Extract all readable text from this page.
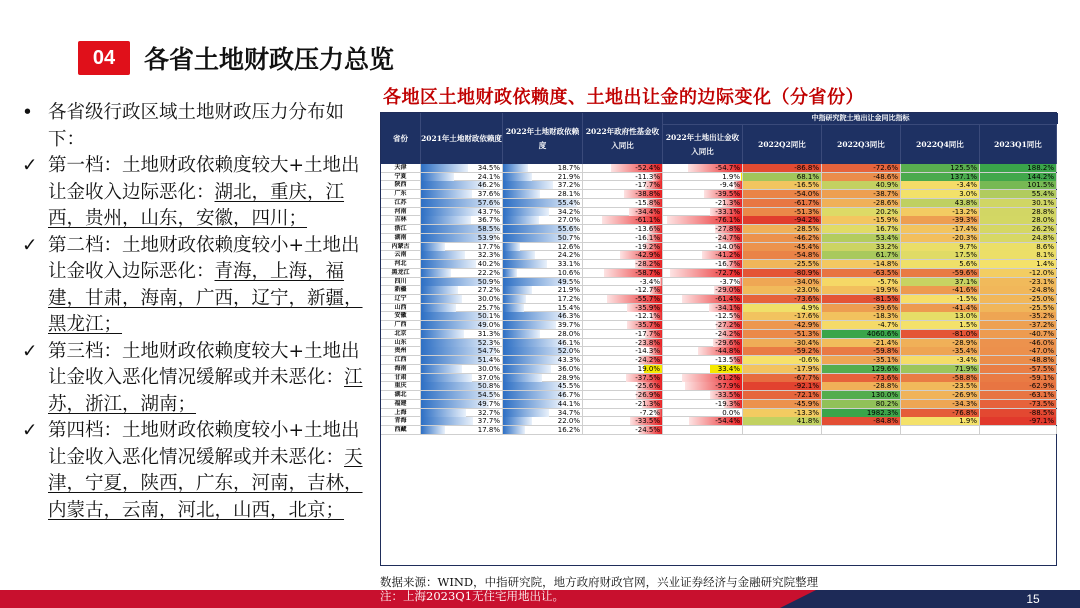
04	各省土地财政压力总览
• 各省级行政区域土地财政压力分布如下：
✓ 第一档：土地财政依赖度较大+土地出让金收入边际恶化：湖北，重庆，江西，贵州，山东，安徽，四川；
✓ 第二档：土地财政依赖度较小+土地出让金收入边际恶化：青海，上海，福建，甘肃，海南，广西，辽宁，新疆，黑龙江；
✓ 第三档：土地财政依赖度较大+土地出让金收入恶化情况缓解或并未恶化：江苏，浙江，湖南；
✓ 第四档：土地财政依赖度较小+土地出让金收入恶化情况缓解或并未恶化：天津，宁夏，陕西，广东，河南，吉林，内蒙古，云南，河北，山西，北京；
各地区土地财政依赖度、土地出让金的边际变化（分省份）
中指研究院土地出让金同比指标
省份	2021年土地财政依赖度
2022年土地财政依赖度
2022年政府性基金收入同比
2022年土地出让金收入同比
2022Q2同比	2022Q3同比	2022Q4同比	2023Q1同比
天津	34.5%	18.7%	-52.4%	-54.7%	-86.8%	-72.6%	125.5%	188.2%
宁夏	24.1%	21.9%	-11.3%	1.9%	68.1%	-48.6%	137.1%	144.2%
陕西	46.2%	37.2%	-17.7%	-9.4%	-16.5%	40.9%	-3.4%	101.5%
广东	37.6%	28.1%	-38.8%	-39.5%	-54.0%	-38.7%	3.0%	55.4%
江苏	57.6%	55.4%	-15.8%	-21.3%	-61.7%	-28.6%	43.8%	30.1%
河南	43.7%	34.2%	-34.4%	-33.1%	-51.3%	20.2%	-13.2%	28.8%
吉林	36.7%	27.0%	-61.1%	-76.1%	-94.2%	-15.9%	-39.3%	28.0%
浙江	58.5%	55.6%	-13.6%	-27.8%	-28.5%	16.7%	-17.4%	26.2%
湖南	53.9%	50.7%	-16.1%	-24.7%	-46.2%	53.4%	-20.3%	24.8%
内蒙古	17.7%	12.6%	-19.2%	-14.0%	-45.4%	33.2%	9.7%	8.6%
云南	32.3%	24.2%	-42.9%	-41.2%	-54.8%	61.7%	17.5%	8.1%
河北	40.2%	33.1%	-28.2%	-16.7%	-25.5%	-14.8%	5.6%	1.4%
黑龙江	22.2%	10.6%	-58.7%	-72.7%	-80.9%	-63.5%	-59.6%	-12.0%
四川	50.9%	49.5%	-3.4%	-3.7%	-34.0%	-5.7%	37.1%	-23.1%
新疆	27.2%	21.9%	-12.7%	-29.0%	-23.0%	-19.9%	-41.6%	-24.8%
辽宁	30.0%	17.2%	-55.7%	-61.4%	-73.6%	-81.5%	-1.5%	-25.0%
山西	25.7%	15.4%	-35.9%	-34.1%	4.9%	-39.6%	-41.4%	-25.5%
安徽	50.1%	46.3%	-12.1%	-12.5%	-17.6%	-18.3%	13.0%	-35.2%
广西	49.0%	39.7%	-35.7%	-27.2%	-42.9%	-4.7%	1.5%	-37.2%
北京	31.3%	28.0%	-17.7%	-24.2%	-51.3%	4060.6%	-81.0%	-40.7%
山东	52.3%	46.1%	-23.8%	-29.6%	-30.4%	-21.4%	-28.9%	-46.0%
贵州	54.7%	52.0%	-14.3%	-44.8%	-59.2%	-59.8%	-35.4%	-47.0%
江西	51.4%	43.3%	-24.2%	-13.5%	-0.6%	-35.1%	-3.4%	-48.8%
海南	30.0%	36.0%	19.0%	33.4%	-17.9%	129.6%	71.9%	-57.5%
甘肃	37.0%	28.9%	-37.5%	-61.2%	-67.7%	-73.6%	-58.8%	-59.1%
重庆	50.8%	45.5%	-25.6%	-57.9%	-92.1%	-28.8%	-23.5%	-62.9%
湖北	54.5%	46.7%	-26.9%	-33.5%	-72.1%	130.0%	-26.9%	-63.1%
福建	49.7%	44.1%	-21.3%	-19.3%	-45.9%	80.2%	-34.3%	-73.5%
上海	32.7%	34.7%	-7.2%	0.0%	-13.3%	1982.3%	-76.8%	-88.5%
青海	37.7%	22.0%	-33.5%	-54.4%	41.8%	-84.8%	1.9%	-97.1%
西藏	17.8%	16.2%	-24.5%
数据来源：WIND，中指研究院，地方政府财政官网，兴业证券经济与金融研究院整理
注：上海2023Q1无住宅用地出让。	15
